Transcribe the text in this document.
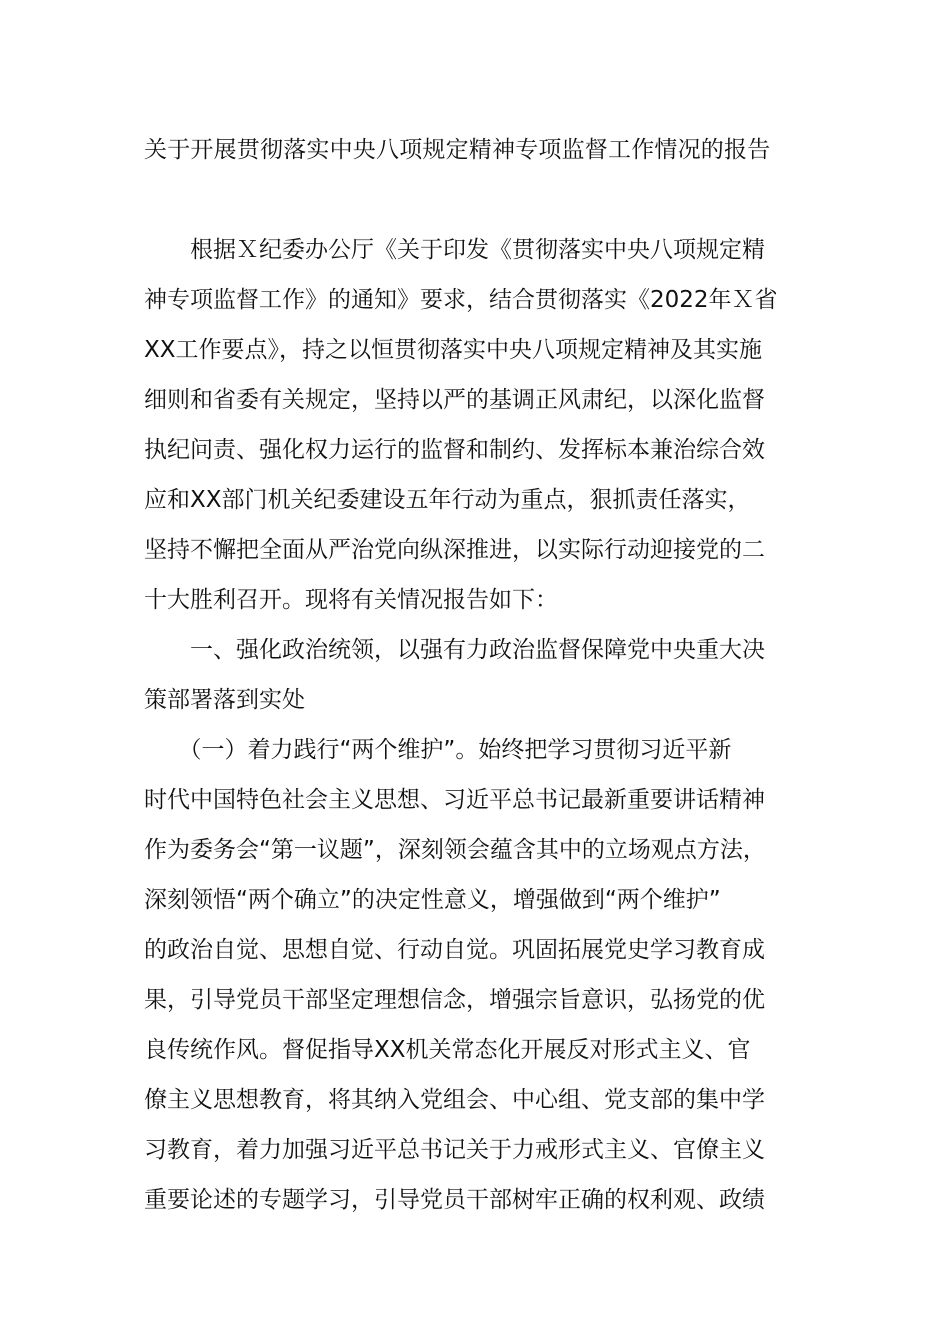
关于开展贯彻落实中央八项规定精神专项监督工作情况的报告
　　根据Ｘ纪委办公厅《关于印发《贯彻落实中央八项规定精
神专项监督工作》的通知》要求，结合贯彻落实《2022年Ｘ省
XX工作要点》，持之以恒贯彻落实中央八项规定精神及其实施
细则和省委有关规定，坚持以严的基调正风肃纪，以深化监督
执纪问责、强化权力运行的监督和制约、发挥标本兼治综合效
应和XX部门机关纪委建设五年行动为重点，狠抓责任落实，
坚持不懈把全面从严治党向纵深推进，以实际行动迎接党的二
十大胜利召开。现将有关情况报告如下：
　　一、强化政治统领，以强有力政治监督保障党中央重大决
策部署落到实处
　　（一）着力践行“两个维护”。始终把学习贯彻习近平新
时代中国特色社会主义思想、习近平总书记最新重要讲话精神
作为委务会“第一议题”，深刻领会蕴含其中的立场观点方法，
深刻领悟“两个确立”的决定性意义，增强做到“两个维护”
的政治自觉、思想自觉、行动自觉。巩固拓展党史学习教育成
果，引导党员干部坚定理想信念，增强宗旨意识，弘扬党的优
良传统作风。督促指导XX机关常态化开展反对形式主义、官
僚主义思想教育，将其纳入党组会、中心组、党支部的集中学
习教育，着力加强习近平总书记关于力戒形式主义、官僚主义
重要论述的专题学习，引导党员干部树牢正确的权利观、政绩
